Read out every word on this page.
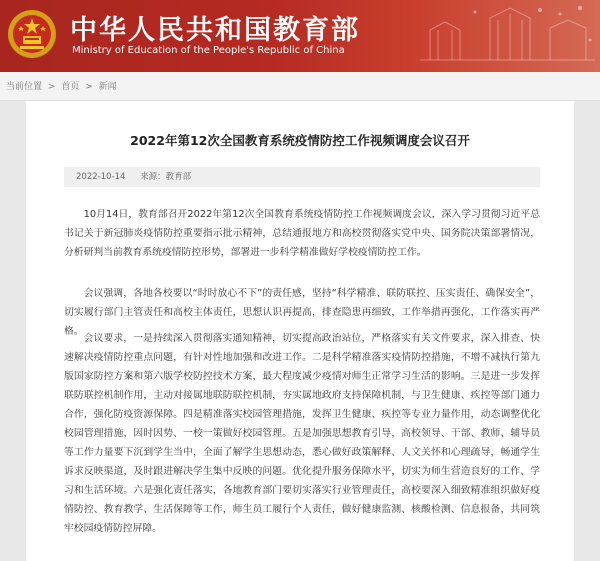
中华人民共和国教育部
Ministry of Education of the People's Republic of China
当前位置 > 首页 > 新闻
2022年第12次全国教育系统疫情防控工作视频调度会议召开
2022-10-14 来源：教育部
10月14日，教育部召开2022年第12次全国教育系统疫情防控工作视频调度会议，深入学习贯彻习近平总书记关于新冠肺炎疫情防控重要指示批示精神，总结通报地方和高校贯彻落实党中央、国务院决策部署情况，分析研判当前教育系统疫情防控形势，部署进一步科学精准做好学校疫情防控工作。
会议强调，各地各校要以“时时放心不下”的责任感，坚持“科学精准、联防联控、压实责任、确保安全”，切实履行部门主管责任和高校主体责任，思想认识再提高，排查隐患再细致，工作举措再强化，工作落实再严格。
会议要求，一是持续深入贯彻落实通知精神，切实提高政治站位，严格落实有关文件要求，深入排查、快速解决疫情防控重点问题，有针对性地加强和改进工作。二是科学精准落实疫情防控措施，不增不减执行第九版国家防控方案和第六版学校防控技术方案，最大程度减少疫情对师生正常学习生活的影响。三是进一步发挥联防联控机制作用，主动对接属地联防联控机制，夯实属地政府支持保障机制，与卫生健康、疾控等部门通力合作，强化防疫资源保障。四是精准落实校园管理措施，发挥卫生健康、疾控等专业力量作用，动态调整优化校园管理措施，因时因势、一校一策做好校园管理。五是加强思想教育引导，高校领导、干部、教师、辅导员等工作力量要下沉到学生当中，全面了解学生思想动态，悉心做好政策解释、人文关怀和心理疏导，畅通学生诉求反映渠道，及时跟进解决学生集中反映的问题。优化提升服务保障水平，切实为师生营造良好的工作、学习和生活环境。六是强化责任落实，各地教育部门要切实落实行业管理责任，高校要深入细致精准组织做好疫情防控、教育教学、生活保障等工作，师生员工履行个人责任，做好健康监测、核酸检测、信息报备，共同筑牢校园疫情防控屏障。
